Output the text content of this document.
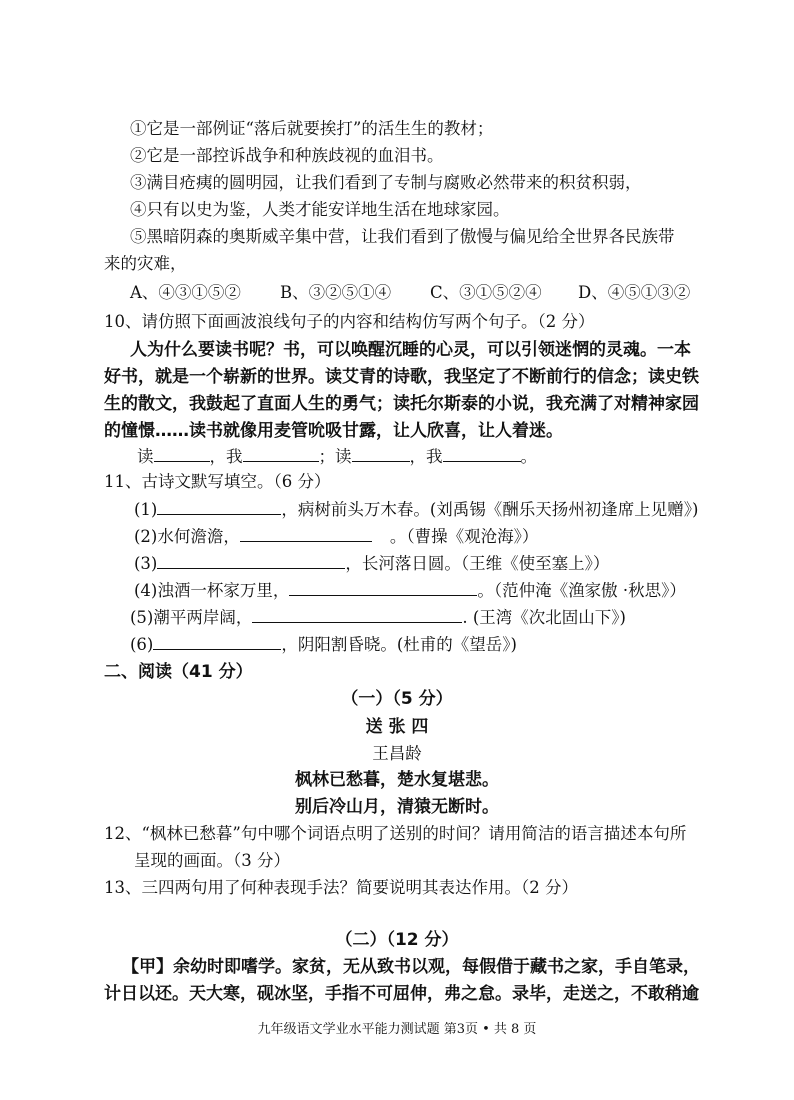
①它是一部例证“落后就要挨打”的活生生的教材；
②它是一部控诉战争和种族歧视的血泪书。
③满目疮痍的圆明园，让我们看到了专制与腐败必然带来的积贫积弱，
④只有以史为鉴，人类才能安详地生活在地球家园。
⑤黑暗阴森的奥斯威辛集中营，让我们看到了傲慢与偏见给全世界各民族带
来的灾难，
A、④③①⑤② B、③②⑤①④ C、③①⑤②④ D、④⑤①③②
10、请仿照下面画波浪线句子的内容和结构仿写两个句子。（2 分）
人为什么要读书呢？书，可以唤醒沉睡的心灵，可以引领迷惘的灵魂。一本
好书，就是一个崭新的世界。读艾青的诗歌，我坚定了不断前行的信念；读史铁
生的散文，我鼓起了直面人生的勇气；读托尔斯泰的小说，我充满了对精神家园
的憧憬……读书就像用麦管吮吸甘露，让人欣喜，让人着迷。
读	，我	；读	，我	。
11、古诗文默写填空。（6 分）
(1)	，病树前头万木春。(刘禹锡《酬乐天扬州初逢席上见赠》)
(2)水何澹澹，	。（曹操《观沧海》）
(3)	，长河落日圆。（王维《使至塞上》）
(4)浊酒一杯家万里，	。（范仲淹《渔家傲 ·秋思》）
(5)潮平两岸阔，	. (王湾《次北固山下》)
(6)	，阴阳割昏晓。(杜甫的《望岳》)
二、阅读（41 分）
（一）（5 分）
送 张 四
王昌龄
枫林已愁暮，楚水复堪悲。
别后冷山月，清猿无断时。
12、“枫林已愁暮”句中哪个词语点明了送别的时间？请用简洁的语言描述本句所
呈现的画面。（3 分）
13、三四两句用了何种表现手法？简要说明其表达作用。（2 分）
（二）（12 分）
【甲】余幼时即嗜学。家贫，无从致书以观，每假借于藏书之家，手自笔录，
计日以还。天大寒，砚冰坚，手指不可屈伸，弗之怠。录毕，走送之，不敢稍逾
九年级语文学业水平能力测试题 第3页 • 共 8 页
